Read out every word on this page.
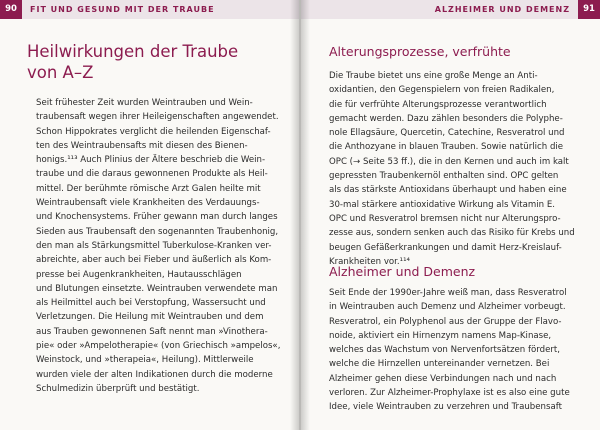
90	FIT UND GESUND MIT DER TRAUBE
Heilwirkungen der Traube
von A–Z
Seit frühester Zeit wurden Weintrauben und Wein-
traubensaft wegen ihrer Heileigenschaften angewendet.
Schon Hippokrates verglicht die heilenden Eigenschaf-
ten des Weintraubensafts mit diesen des Bienen-
honigs.¹¹³ Auch Plinius der Ältere beschrieb die Wein-
traube und die daraus gewonnenen Produkte als Heil-
mittel. Der berühmte römische Arzt Galen heilte mit
Weintraubensaft viele Krankheiten des Verdauungs-
und Knochensystems. Früher gewann man durch langes
Sieden aus Traubensaft den sogenannten Traubenhonig,
den man als Stärkungsmittel Tuberkulose-Kranken ver-
abreichte, aber auch bei Fieber und äußerlich als Kom-
presse bei Augenkrankheiten, Hautausschlägen
und Blutungen einsetzte. Weintrauben verwendete man
als Heilmittel auch bei Verstopfung, Wassersucht und
Verletzungen. Die Heilung mit Weintrauben und dem
aus Trauben gewonnenen Saft nennt man »Vinothera-
pie« oder »Ampelotherapie« (von Griechisch »ampelos«,
Weinstock, und »therapeia«, Heilung). Mittlerweile
wurden viele der alten Indikationen durch die moderne
Schulmedizin überprüft und bestätigt.
ALZHEIMER UND DEMENZ	91
Alterungsprozesse, verfrühte
Die Traube bietet uns eine große Menge an Anti-
oxidantien, den Gegenspielern von freien Radikalen,
die für verfrühte Alterungsprozesse verantwortlich
gemacht werden. Dazu zählen besonders die Polyphe-
nole Ellagsäure, Quercetin, Catechine, Resveratrol und
die Anthozyane in blauen Trauben. Sowie natürlich die
OPC (→ Seite 53 ff.), die in den Kernen und auch im kalt
gepressten Traubenkernöl enthalten sind. OPC gelten
als das stärkste Antioxidans überhaupt und haben eine
30-mal stärkere antioxidative Wirkung als Vitamin E.
OPC und Resveratrol bremsen nicht nur Alterungspro-
zesse aus, sondern senken auch das Risiko für Krebs und
beugen Gefäßerkrankungen und damit Herz-Kreislauf-
Krankheiten vor.¹¹⁴
Alzheimer und Demenz
Seit Ende der 1990er-Jahre weiß man, dass Resveratrol
in Weintrauben auch Demenz und Alzheimer vorbeugt.
Resveratrol, ein Polyphenol aus der Gruppe der Flavo-
noide, aktiviert ein Hirnenzym namens Map-Kinase,
welches das Wachstum von Nervenfortsätzen fördert,
welche die Hirnzellen untereinander vernetzen. Bei
Alzheimer gehen diese Verbindungen nach und nach
verloren. Zur Alzheimer-Prophylaxe ist es also eine gute
Idee, viele Weintrauben zu verzehren und Traubensaft
